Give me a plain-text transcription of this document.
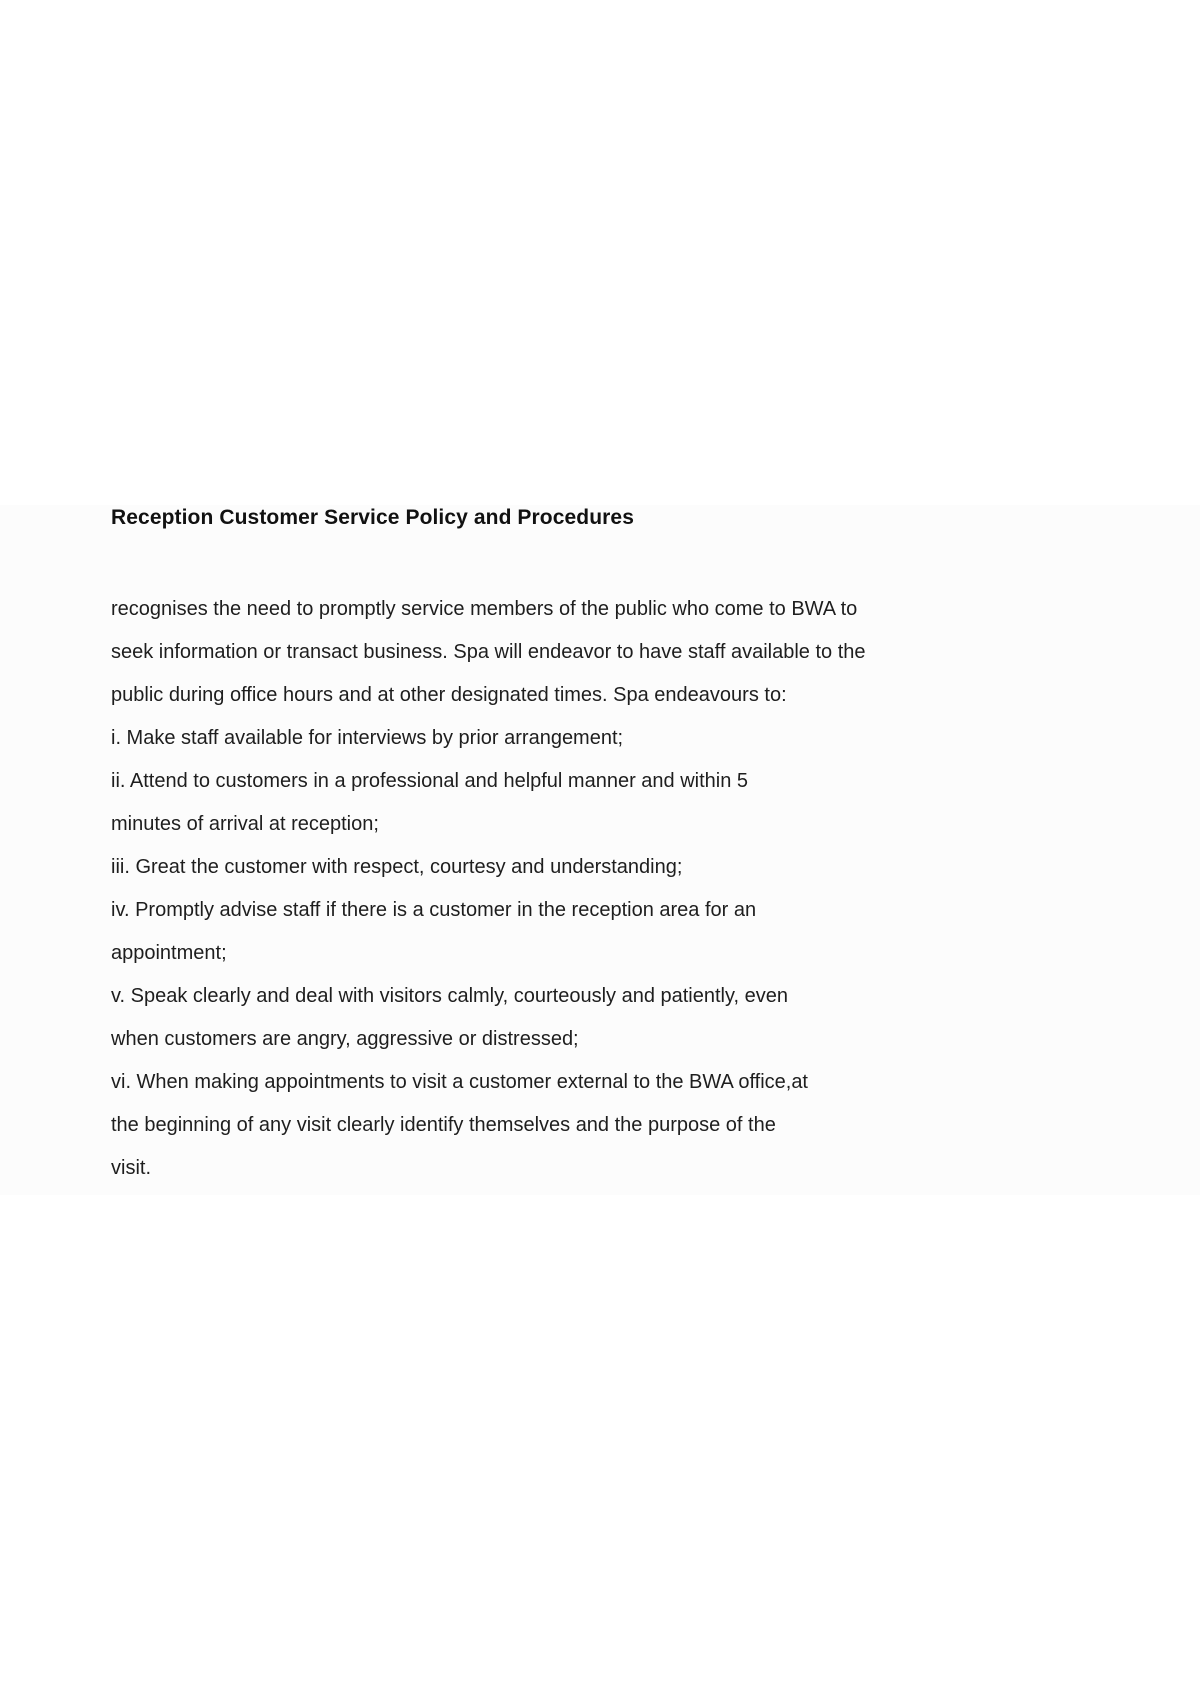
Reception Customer Service Policy and Procedures
recognises the need to promptly service members of the public who come to BWA to
seek information or transact business. Spa will endeavor to have staff available to the
public during office hours and at other designated times. Spa endeavours to:
i. Make staff available for interviews by prior arrangement;
ii. Attend to customers in a professional and helpful manner and within 5
minutes of arrival at reception;
iii. Great the customer with respect, courtesy and understanding;
iv. Promptly advise staff if there is a customer in the reception area for an
appointment;
v. Speak clearly and deal with visitors calmly, courteously and patiently, even
when customers are angry, aggressive or distressed;
vi. When making appointments to visit a customer external to the BWA office,at
the beginning of any visit clearly identify themselves and the purpose of the
visit.
